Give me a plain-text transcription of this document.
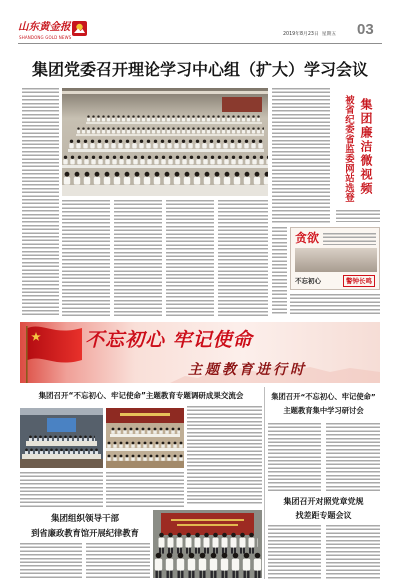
山东黄金报
SHANDONG GOLD NEWS
2019年8月23日 星期五 03
集团党委召开理论学习中心组（扩大）学习会议
集团廉洁微视频
被省纪委省监委网站选登
贪欲
不忘初心	警钟长鸣
不忘初心 牢记使命
主题教育进行时
集团召开“不忘初心、牢记使命”主题教育专题调研成果交流会
集团组织领导干部
到省廉政教育馆开展纪律教育
集团召开“不忘初心、牢记使命”
主题教育集中学习研讨会
集团召开对照党章党规
找差距专题会议
